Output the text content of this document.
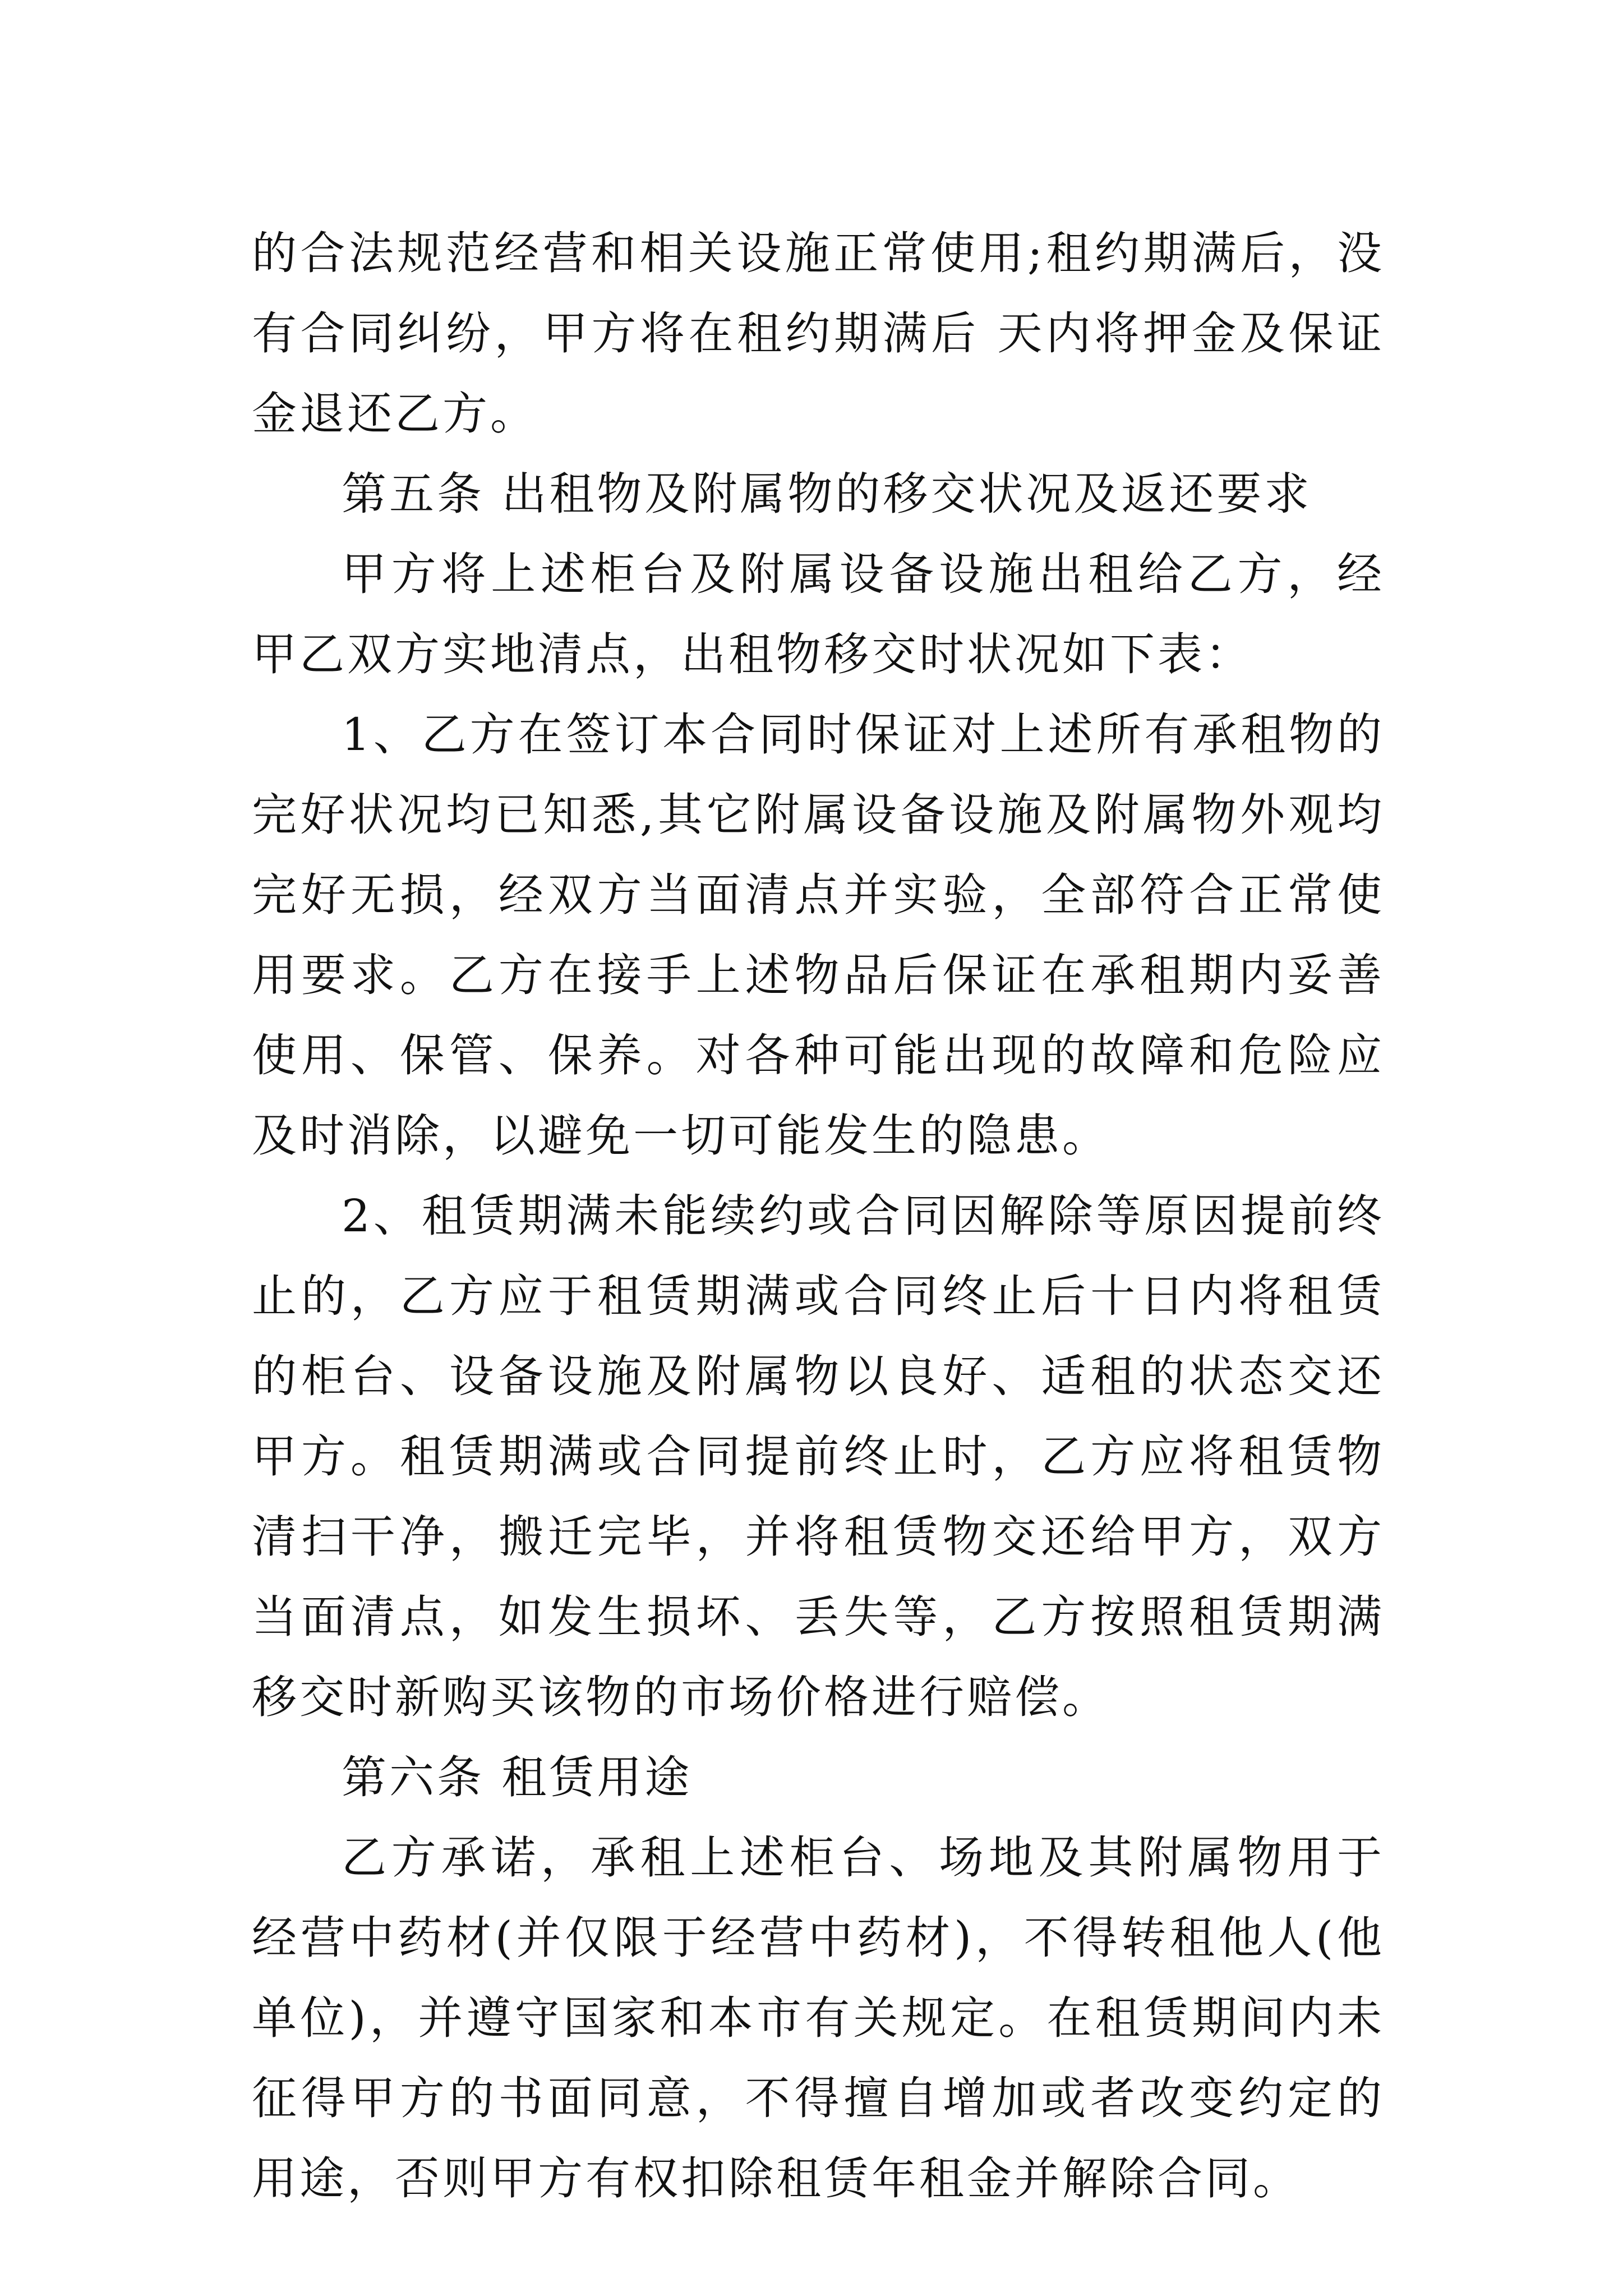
的合法规范经营和相关设施正常使用;租约期满后，没有合同纠纷，甲方将在租约期满后 天内将押金及保证金退还乙方。

第五条 出租物及附属物的移交状况及返还要求

甲方将上述柜台及附属设备设施出租给乙方，经甲乙双方实地清点，出租物移交时状况如下表：

1、乙方在签订本合同时保证对上述所有承租物的完好状况均已知悉,其它附属设备设施及附属物外观均完好无损，经双方当面清点并实验，全部符合正常使用要求。乙方在接手上述物品后保证在承租期内妥善使用、保管、保养。对各种可能出现的故障和危险应及时消除，以避免一切可能发生的隐患。

2、租赁期满未能续约或合同因解除等原因提前终止的，乙方应于租赁期满或合同终止后十日内将租赁的柜台、设备设施及附属物以良好、适租的状态交还甲方。租赁期满或合同提前终止时，乙方应将租赁物清扫干净，搬迁完毕，并将租赁物交还给甲方，双方当面清点，如发生损坏、丢失等，乙方按照租赁期满移交时新购买该物的市场价格进行赔偿。

第六条 租赁用途

乙方承诺，承租上述柜台、场地及其附属物用于经营中药材(并仅限于经营中药材)，不得转租他人(他单位)，并遵守国家和本市有关规定。在租赁期间内未征得甲方的书面同意，不得擅自增加或者改变约定的用途，否则甲方有权扣除租赁年租金并解除合同。
